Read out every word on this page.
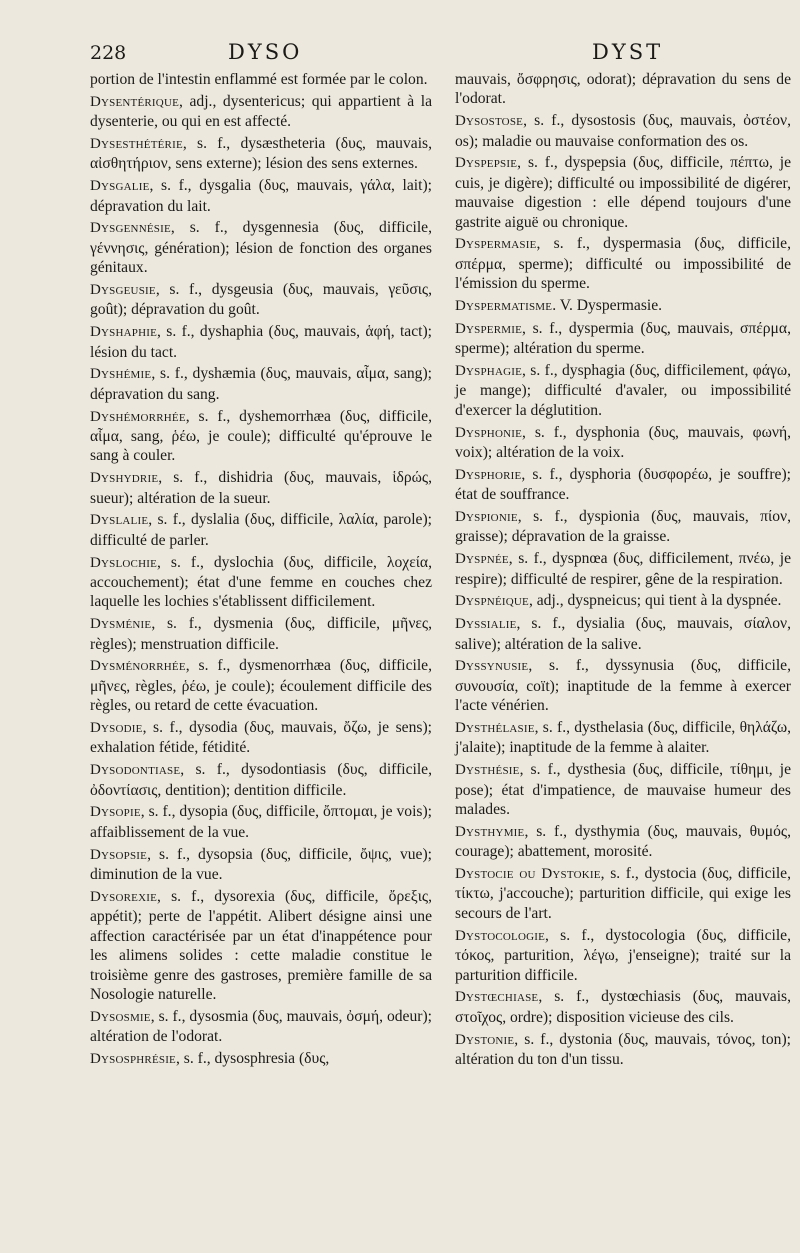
228	DYSO	DYST

portion de l'intestin enflammé est formée par le colon.

Dysentérique, adj., dysentericus; qui appartient à la dysenterie, ou qui en est affecté.

Dysesthétérie, s. f., dysæstheteria (δυς, mauvais, αἰσθητήριον, sens externe); lésion des sens externes.

Dysgalie, s. f., dysgalia (δυς, mauvais, γάλα, lait); dépravation du lait.

Dysgennésie, s. f., dysgennesia (δυς, difficile, γέννησις, génération); lésion de fonction des organes génitaux.

Dysgeusie, s. f., dysgeusia (δυς, mauvais, γεῦσις, goût); dépravation du goût.

Dyshaphie, s. f., dyshaphia (δυς, mauvais, ἁφή, tact); lésion du tact.

Dyshémie, s. f., dyshæmia (δυς, mauvais, αἷμα, sang); dépravation du sang.

Dyshémorrhée, s. f., dyshemorrhæa (δυς, difficile, αἷμα, sang, ῥέω, je coule); difficulté qu'éprouve le sang à couler.

Dyshydrie, s. f., dishidria (δυς, mauvais, ἱδρώς, sueur); altération de la sueur.

Dyslalie, s. f., dyslalia (δυς, difficile, λαλία, parole); difficulté de parler.

Dyslochie, s. f., dyslochia (δυς, difficile, λοχεία, accouchement); état d'une femme en couches chez laquelle les lochies s'établissent difficilement.

Dysménie, s. f., dysmenia (δυς, difficile, μῆνες, règles); menstruation difficile.

Dysménorrhée, s. f., dysmenorrhæa (δυς, difficile, μῆνες, règles, ῥέω, je coule); écoulement difficile des règles, ou retard de cette évacuation.

Dysodie, s. f., dysodia (δυς, mauvais, ὄζω, je sens); exhalation fétide, fétidité.

Dysodontiase, s. f., dysodontiasis (δυς, difficile, ὀδοντίασις, dentition); dentition difficile.

Dysopie, s. f., dysopia (δυς, difficile, ὄπτομαι, je vois); affaiblissement de la vue.

Dysopsie, s. f., dysopsia (δυς, difficile, ὄψις, vue); diminution de la vue.

Dysorexie, s. f., dysorexia (δυς, difficile, ὄρεξις, appétit); perte de l'appétit. Alibert désigne ainsi une affection caractérisée par un état d'inappétence pour les alimens solides : cette maladie constitue le troisième genre des gastroses, première famille de sa Nosologie naturelle.

Dysosmie, s. f., dysosmia (δυς, mauvais, ὀσμή, odeur); altération de l'odorat.

Dysosphrésie, s. f., dysosphresia (δυς,

mauvais, ὄσφρησις, odorat); dépravation du sens de l'odorat.

Dysostose, s. f., dysostosis (δυς, mauvais, ὀστέον, os); maladie ou mauvaise conformation des os.

Dyspepsie, s. f., dyspepsia (δυς, difficile, πέπτω, je cuis, je digère); difficulté ou impossibilité de digérer, mauvaise digestion : elle dépend toujours d'une gastrite aiguë ou chronique.

Dyspermasie, s. f., dyspermasia (δυς, difficile, σπέρμα, sperme); difficulté ou impossibilité de l'émission du sperme.

Dyspermatisme. V. Dyspermasie.

Dyspermie, s. f., dyspermia (δυς, mauvais, σπέρμα, sperme); altération du sperme.

Dysphagie, s. f., dysphagia (δυς, difficilement, φάγω, je mange); difficulté d'avaler, ou impossibilité d'exercer la déglutition.

Dysphonie, s. f., dysphonia (δυς, mauvais, φωνή, voix); altération de la voix.

Dysphorie, s. f., dysphoria (δυσφορέω, je souffre); état de souffrance.

Dyspionie, s. f., dyspionia (δυς, mauvais, πίον, graisse); dépravation de la graisse.

Dyspnée, s. f., dyspnœa (δυς, difficilement, πνέω, je respire); difficulté de respirer, gêne de la respiration.

Dyspnéique, adj., dyspneicus; qui tient à la dyspnée.

Dyssialie, s. f., dysialia (δυς, mauvais, σίαλον, salive); altération de la salive.

Dyssynusie, s. f., dyssynusia (δυς, difficile, συνουσία, coït); inaptitude de la femme à exercer l'acte vénérien.

Dysthélasie, s. f., dysthelasia (δυς, difficile, θηλάζω, j'alaite); inaptitude de la femme à alaiter.

Dysthésie, s. f., dysthesia (δυς, difficile, τίθημι, je pose); état d'impatience, de mauvaise humeur des malades.

Dysthymie, s. f., dysthymia (δυς, mauvais, θυμός, courage); abattement, morosité.

Dystocie ou Dystokie, s. f., dystocia (δυς, difficile, τίκτω, j'accouche); parturition difficile, qui exige les secours de l'art.

Dystocologie, s. f., dystocologia (δυς, difficile, τόκος, parturition, λέγω, j'enseigne); traité sur la parturition difficile.

Dystœchiase, s. f., dystœchiasis (δυς, mauvais, στοῖχος, ordre); disposition vicieuse des cils.

Dystonie, s. f., dystonia (δυς, mauvais, τόνος, ton); altération du ton d'un tissu.
